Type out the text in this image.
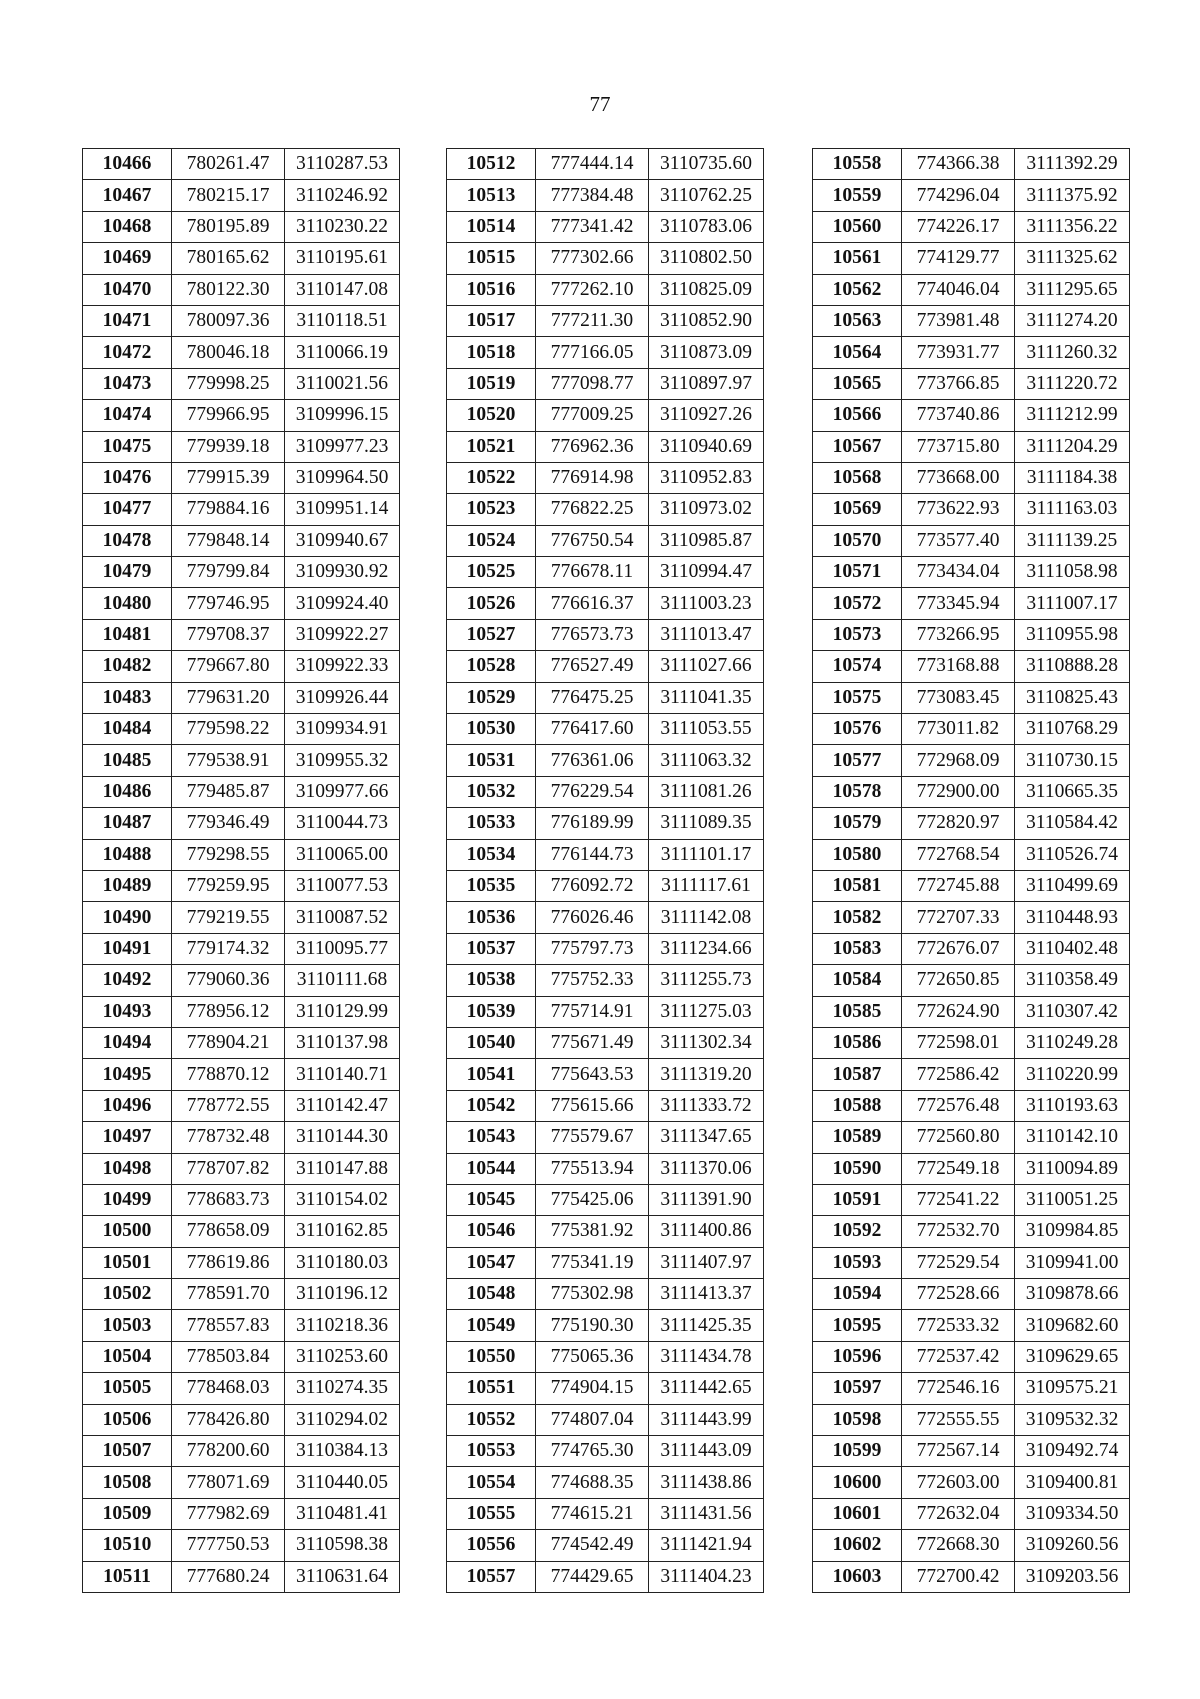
77
10466	780261.47	3110287.53
10467	780215.17	3110246.92
10468	780195.89	3110230.22
10469	780165.62	3110195.61
10470	780122.30	3110147.08
10471	780097.36	3110118.51
10472	780046.18	3110066.19
10473	779998.25	3110021.56
10474	779966.95	3109996.15
10475	779939.18	3109977.23
10476	779915.39	3109964.50
10477	779884.16	3109951.14
10478	779848.14	3109940.67
10479	779799.84	3109930.92
10480	779746.95	3109924.40
10481	779708.37	3109922.27
10482	779667.80	3109922.33
10483	779631.20	3109926.44
10484	779598.22	3109934.91
10485	779538.91	3109955.32
10486	779485.87	3109977.66
10487	779346.49	3110044.73
10488	779298.55	3110065.00
10489	779259.95	3110077.53
10490	779219.55	3110087.52
10491	779174.32	3110095.77
10492	779060.36	3110111.68
10493	778956.12	3110129.99
10494	778904.21	3110137.98
10495	778870.12	3110140.71
10496	778772.55	3110142.47
10497	778732.48	3110144.30
10498	778707.82	3110147.88
10499	778683.73	3110154.02
10500	778658.09	3110162.85
10501	778619.86	3110180.03
10502	778591.70	3110196.12
10503	778557.83	3110218.36
10504	778503.84	3110253.60
10505	778468.03	3110274.35
10506	778426.80	3110294.02
10507	778200.60	3110384.13
10508	778071.69	3110440.05
10509	777982.69	3110481.41
10510	777750.53	3110598.38
10511	777680.24	3110631.64
10512	777444.14	3110735.60
10513	777384.48	3110762.25
10514	777341.42	3110783.06
10515	777302.66	3110802.50
10516	777262.10	3110825.09
10517	777211.30	3110852.90
10518	777166.05	3110873.09
10519	777098.77	3110897.97
10520	777009.25	3110927.26
10521	776962.36	3110940.69
10522	776914.98	3110952.83
10523	776822.25	3110973.02
10524	776750.54	3110985.87
10525	776678.11	3110994.47
10526	776616.37	3111003.23
10527	776573.73	3111013.47
10528	776527.49	3111027.66
10529	776475.25	3111041.35
10530	776417.60	3111053.55
10531	776361.06	3111063.32
10532	776229.54	3111081.26
10533	776189.99	3111089.35
10534	776144.73	3111101.17
10535	776092.72	3111117.61
10536	776026.46	3111142.08
10537	775797.73	3111234.66
10538	775752.33	3111255.73
10539	775714.91	3111275.03
10540	775671.49	3111302.34
10541	775643.53	3111319.20
10542	775615.66	3111333.72
10543	775579.67	3111347.65
10544	775513.94	3111370.06
10545	775425.06	3111391.90
10546	775381.92	3111400.86
10547	775341.19	3111407.97
10548	775302.98	3111413.37
10549	775190.30	3111425.35
10550	775065.36	3111434.78
10551	774904.15	3111442.65
10552	774807.04	3111443.99
10553	774765.30	3111443.09
10554	774688.35	3111438.86
10555	774615.21	3111431.56
10556	774542.49	3111421.94
10557	774429.65	3111404.23
10558	774366.38	3111392.29
10559	774296.04	3111375.92
10560	774226.17	3111356.22
10561	774129.77	3111325.62
10562	774046.04	3111295.65
10563	773981.48	3111274.20
10564	773931.77	3111260.32
10565	773766.85	3111220.72
10566	773740.86	3111212.99
10567	773715.80	3111204.29
10568	773668.00	3111184.38
10569	773622.93	3111163.03
10570	773577.40	3111139.25
10571	773434.04	3111058.98
10572	773345.94	3111007.17
10573	773266.95	3110955.98
10574	773168.88	3110888.28
10575	773083.45	3110825.43
10576	773011.82	3110768.29
10577	772968.09	3110730.15
10578	772900.00	3110665.35
10579	772820.97	3110584.42
10580	772768.54	3110526.74
10581	772745.88	3110499.69
10582	772707.33	3110448.93
10583	772676.07	3110402.48
10584	772650.85	3110358.49
10585	772624.90	3110307.42
10586	772598.01	3110249.28
10587	772586.42	3110220.99
10588	772576.48	3110193.63
10589	772560.80	3110142.10
10590	772549.18	3110094.89
10591	772541.22	3110051.25
10592	772532.70	3109984.85
10593	772529.54	3109941.00
10594	772528.66	3109878.66
10595	772533.32	3109682.60
10596	772537.42	3109629.65
10597	772546.16	3109575.21
10598	772555.55	3109532.32
10599	772567.14	3109492.74
10600	772603.00	3109400.81
10601	772632.04	3109334.50
10602	772668.30	3109260.56
10603	772700.42	3109203.56
